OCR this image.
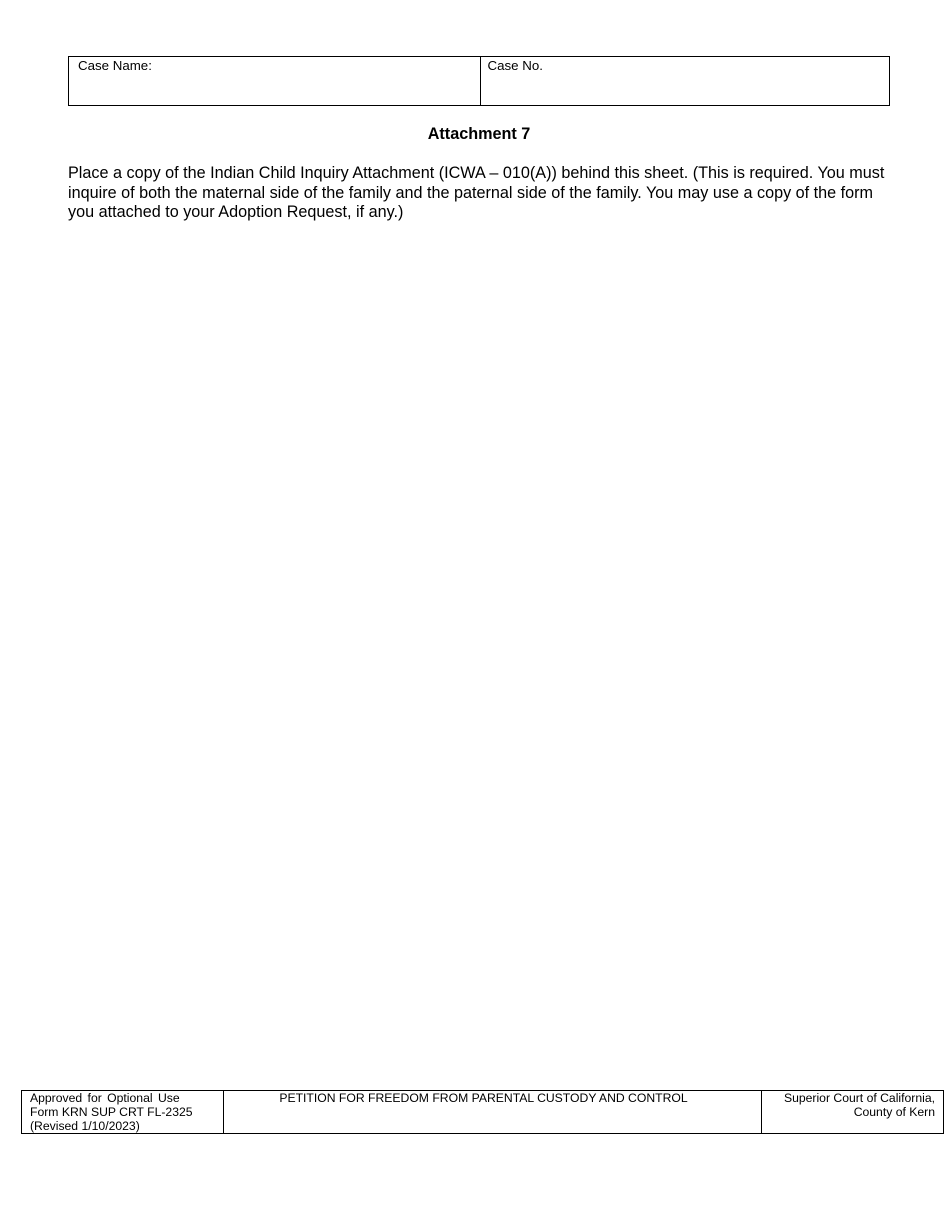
Case Name:	Case No.
Attachment 7
Place a copy of the Indian Child Inquiry Attachment (ICWA – 010(A)) behind this sheet. (This is required. You must inquire of both the maternal side of the family and the paternal side of the family. You may use a copy of the form you attached to your Adoption Request, if any.)
Approved for Optional Use
Form KRN SUP CRT FL-2325
(Revised 1/10/2023)
PETITION FOR FREEDOM FROM PARENTAL CUSTODY AND CONTROL	Superior Court of California,
County of Kern
